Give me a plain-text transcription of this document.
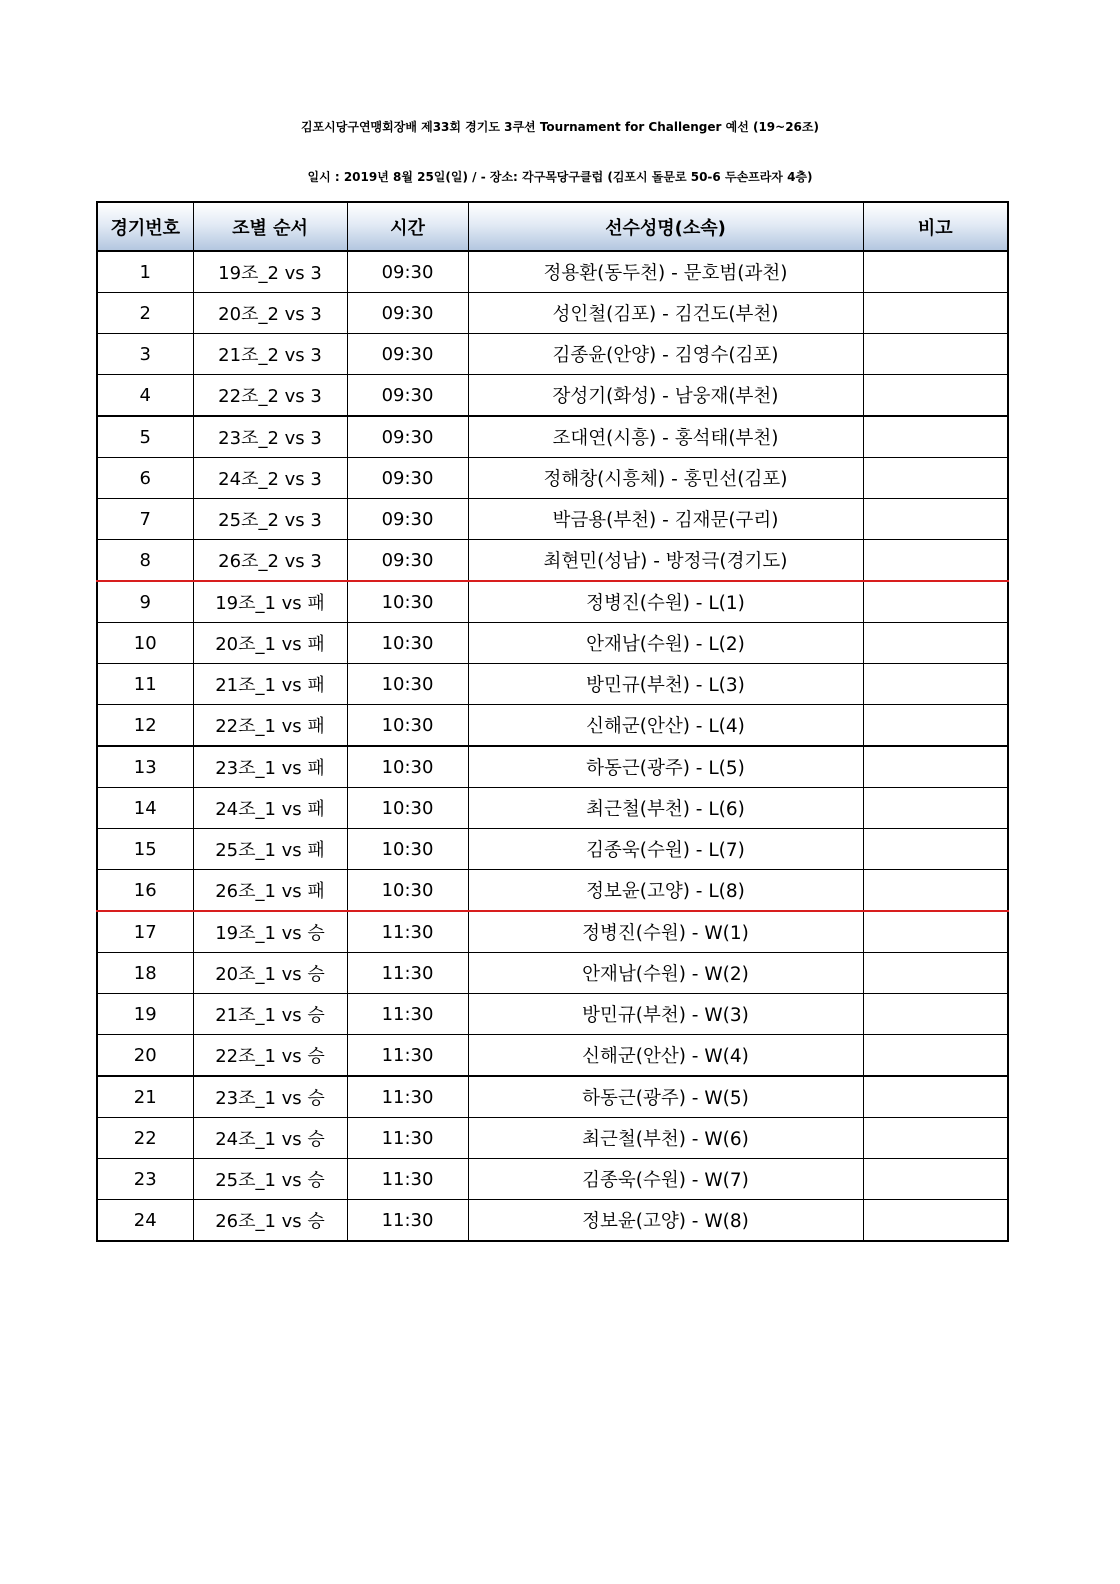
김포시당구연맹회장배 제33회 경기도 3쿠션 Tournament for Challenger 예선 (19~26조)
일시 : 2019년 8월 25일(일) / - 장소: 각구목당구클럽 (김포시 돌문로 50-6 두손프라자 4층)
경기번호	조별 순서	시간	선수성명(소속)	비고
1	19조_2 vs 3	09:30	정용환(동두천) - 문호범(과천)	
2	20조_2 vs 3	09:30	성인철(김포) - 김건도(부천)	
3	21조_2 vs 3	09:30	김종윤(안양) - 김영수(김포)	
4	22조_2 vs 3	09:30	장성기(화성) - 남웅재(부천)	
5	23조_2 vs 3	09:30	조대연(시흥) - 홍석태(부천)	
6	24조_2 vs 3	09:30	정해창(시흥체) - 홍민선(김포)	
7	25조_2 vs 3	09:30	박금용(부천) - 김재문(구리)	
8	26조_2 vs 3	09:30	최현민(성남) - 방정극(경기도)	
9	19조_1 vs 패	10:30	정병진(수원) - L(1)	
10	20조_1 vs 패	10:30	안재남(수원) - L(2)	
11	21조_1 vs 패	10:30	방민규(부천) - L(3)	
12	22조_1 vs 패	10:30	신해군(안산) - L(4)	
13	23조_1 vs 패	10:30	하동근(광주) - L(5)	
14	24조_1 vs 패	10:30	최근철(부천) - L(6)	
15	25조_1 vs 패	10:30	김종욱(수원) - L(7)	
16	26조_1 vs 패	10:30	정보윤(고양) - L(8)	
17	19조_1 vs 승	11:30	정병진(수원) - W(1)	
18	20조_1 vs 승	11:30	안재남(수원) - W(2)	
19	21조_1 vs 승	11:30	방민규(부천) - W(3)	
20	22조_1 vs 승	11:30	신해군(안산) - W(4)	
21	23조_1 vs 승	11:30	하동근(광주) - W(5)	
22	24조_1 vs 승	11:30	최근철(부천) - W(6)	
23	25조_1 vs 승	11:30	김종욱(수원) - W(7)	
24	26조_1 vs 승	11:30	정보윤(고양) - W(8)	
